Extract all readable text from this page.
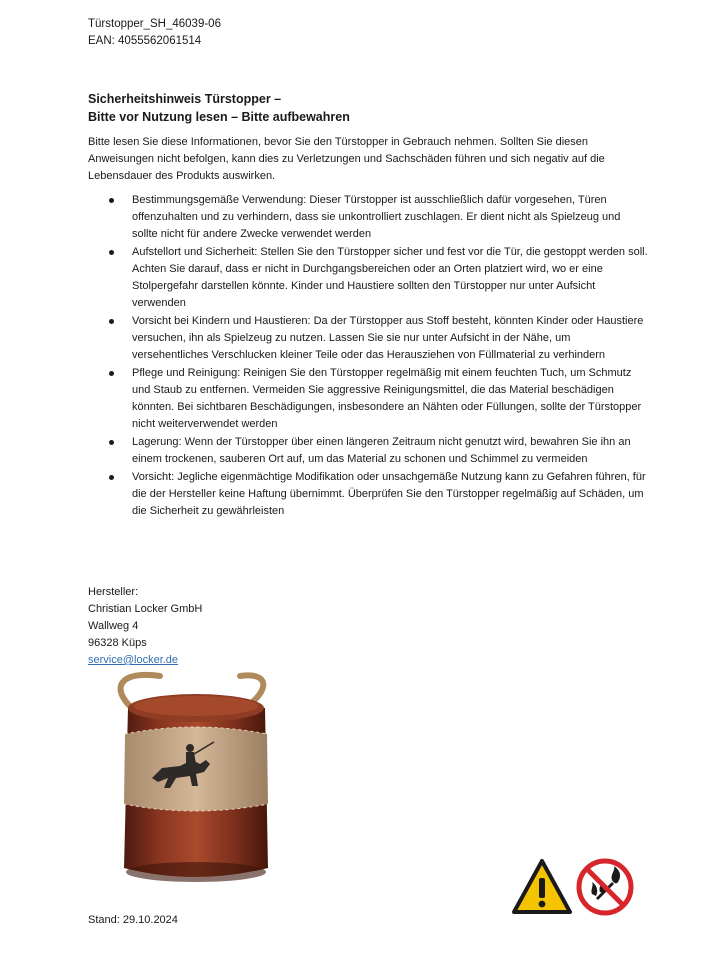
Türstopper_SH_46039-06
EAN: 4055562061514
Sicherheitshinweis Türstopper –
Bitte vor Nutzung lesen – Bitte aufbewahren
Bitte lesen Sie diese Informationen, bevor Sie den Türstopper in Gebrauch nehmen. Sollten Sie diesen Anweisungen nicht befolgen, kann dies zu Verletzungen und Sachschäden führen und sich negativ auf die Lebensdauer des Produkts auswirken.
Bestimmungsgemäße Verwendung: Dieser Türstopper ist ausschließlich dafür vorgesehen, Türen offenzuhalten und zu verhindern, dass sie unkontrolliert zuschlagen. Er dient nicht als Spielzeug und sollte nicht für andere Zwecke verwendet werden
Aufstellort und Sicherheit: Stellen Sie den Türstopper sicher und fest vor die Tür, die gestoppt werden soll. Achten Sie darauf, dass er nicht in Durchgangsbereichen oder an Orten platziert wird, wo er eine Stolpergefahr darstellen könnte. Kinder und Haustiere sollten den Türstopper nur unter Aufsicht verwenden
Vorsicht bei Kindern und Haustieren: Da der Türstopper aus Stoff besteht, könnten Kinder oder Haustiere versuchen, ihn als Spielzeug zu nutzen. Lassen Sie sie nur unter Aufsicht in der Nähe, um versehentliches Verschlucken kleiner Teile oder das Herausziehen von Füllmaterial zu verhindern
Pflege und Reinigung: Reinigen Sie den Türstopper regelmäßig mit einem feuchten Tuch, um Schmutz und Staub zu entfernen. Vermeiden Sie aggressive Reinigungsmittel, die das Material beschädigen könnten. Bei sichtbaren Beschädigungen, insbesondere an Nähten oder Füllungen, sollte der Türstopper nicht weiterverwendet werden
Lagerung: Wenn der Türstopper über einen längeren Zeitraum nicht genutzt wird, bewahren Sie ihn an einem trockenen, sauberen Ort auf, um das Material zu schonen und Schimmel zu vermeiden
Vorsicht: Jegliche eigenmächtige Modifikation oder unsachgemäße Nutzung kann zu Gefahren führen, für die der Hersteller keine Haftung übernimmt. Überprüfen Sie den Türstopper regelmäßig auf Schäden, um die Sicherheit zu gewährleisten
Hersteller:
Christian Locker GmbH
Wallweg 4
96328 Küps
service@locker.de
Stand: 29.10.2024
